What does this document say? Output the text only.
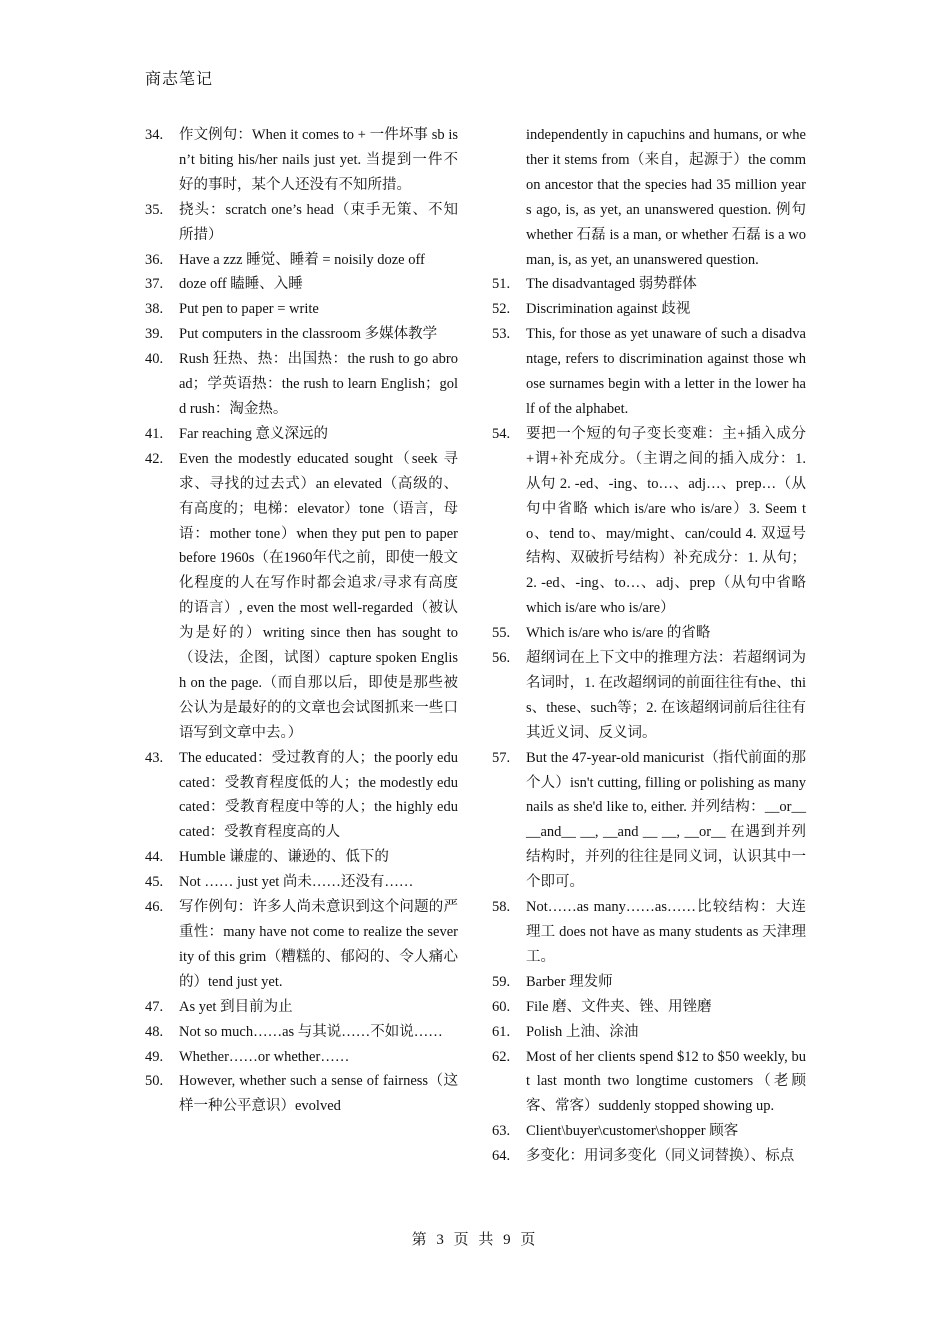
商志笔记
34.	作文例句：When it comes to + 一件坏事 sb isn’t biting his/her nails just yet. 当提到一件不好的事时，某个人还没有不知所措。
35.	挠头：scratch one’s head（束手无策、不知所措）
36.	Have a zzz 睡觉、睡着 = noisily doze off
37.	doze off 瞌睡、入睡
38.	Put pen to paper = write
39.	Put computers in the classroom 多媒体教学
40.	Rush 狂热、热：出国热：the rush to go abroad；学英语热：the rush to learn English；gold rush：淘金热。
41.	Far reaching 意义深远的
42.	Even the modestly educated sought（seek 寻求、寻找的过去式）an elevated（高级的、有高度的；电梯：elevator）tone（语言，母语：mother tone）when they put pen to paper before 1960s（在1960年代之前，即使一般文化程度的人在写作时都会追求/寻求有高度的语言）, even the most well-regarded（被认为是好的）writing since then has sought to（设法，企图，试图）capture spoken English on the page.（而自那以后，即使是那些被公认为是最好的的文章也会试图抓来一些口语写到文章中去。）
43.	The educated：受过教育的人；the poorly educated：受教育程度低的人；the modestly educated：受教育程度中等的人；the highly educated：受教育程度高的人
44.	Humble 谦虚的、谦逊的、低下的
45.	Not …… just yet 尚未……还没有……
46.	写作例句：许多人尚未意识到这个问题的严重性：many have not come to realize the severity of this grim（糟糕的、郁闷的、令人痛心的）tend just yet.
47.	As yet 到目前为止
48.	Not so much……as 与其说……不如说……
49.	Whether……or whether……
50.	However, whether such a sense of fairness（这样一种公平意识）evolved
independently in capuchins and humans, or whether it stems from（来自，起源于）the common ancestor that the species had 35 million years ago, is, as yet, an unanswered question. 例句 whether 石磊 is a man, or whether 石磊 is a woman, is, as yet, an unanswered question.
51.	The disadvantaged 弱势群体
52.	Discrimination against 歧视
53.	This, for those as yet unaware of such a disadvantage, refers to discrimination against those whose surnames begin with a letter in the lower half of the alphabet.
54.	要把一个短的句子变长变难：主+插入成分+谓+补充成分。（主谓之间的插入成分：1. 从句 2. -ed、-ing、to…、adj…、prep…（从句中省略 which is/are who is/are）3. Seem to、tend to、may/might、can/could 4. 双逗号结构、双破折号结构）补充成分：1. 从句；2. -ed、-ing、to…、adj、prep（从句中省略 which is/are who is/are）
55.	Which is/are who is/are 的省略
56.	超纲词在上下文中的推理方法：若超纲词为名词时，1. 在改超纲词的前面往往有the、this、these、such等；2. 在该超纲词前后往往有其近义词、反义词。
57.	But the 47-year-old manicurist（指代前面的那个人）isn't cutting, filling or polishing as many nails as she'd like to, either. 并列结构：__or__ __and__ __, __and __ __, __or__ 在遇到并列结构时，并列的往往是同义词，认识其中一个即可。
58.	Not……as many……as……比较结构：大连理工 does not have as many students as 天津理工。
59.	Barber 理发师
60.	File 磨、文件夹、锉、用锉磨
61.	Polish 上油、涂油
62.	Most of her clients spend $12 to $50 weekly, but last month two longtime customers（老顾客、常客）suddenly stopped showing up.
63.	Client\buyer\customer\shopper 顾客
64.	多变化：用词多变化（同义词替换）、标点
第 3 页 共 9 页
